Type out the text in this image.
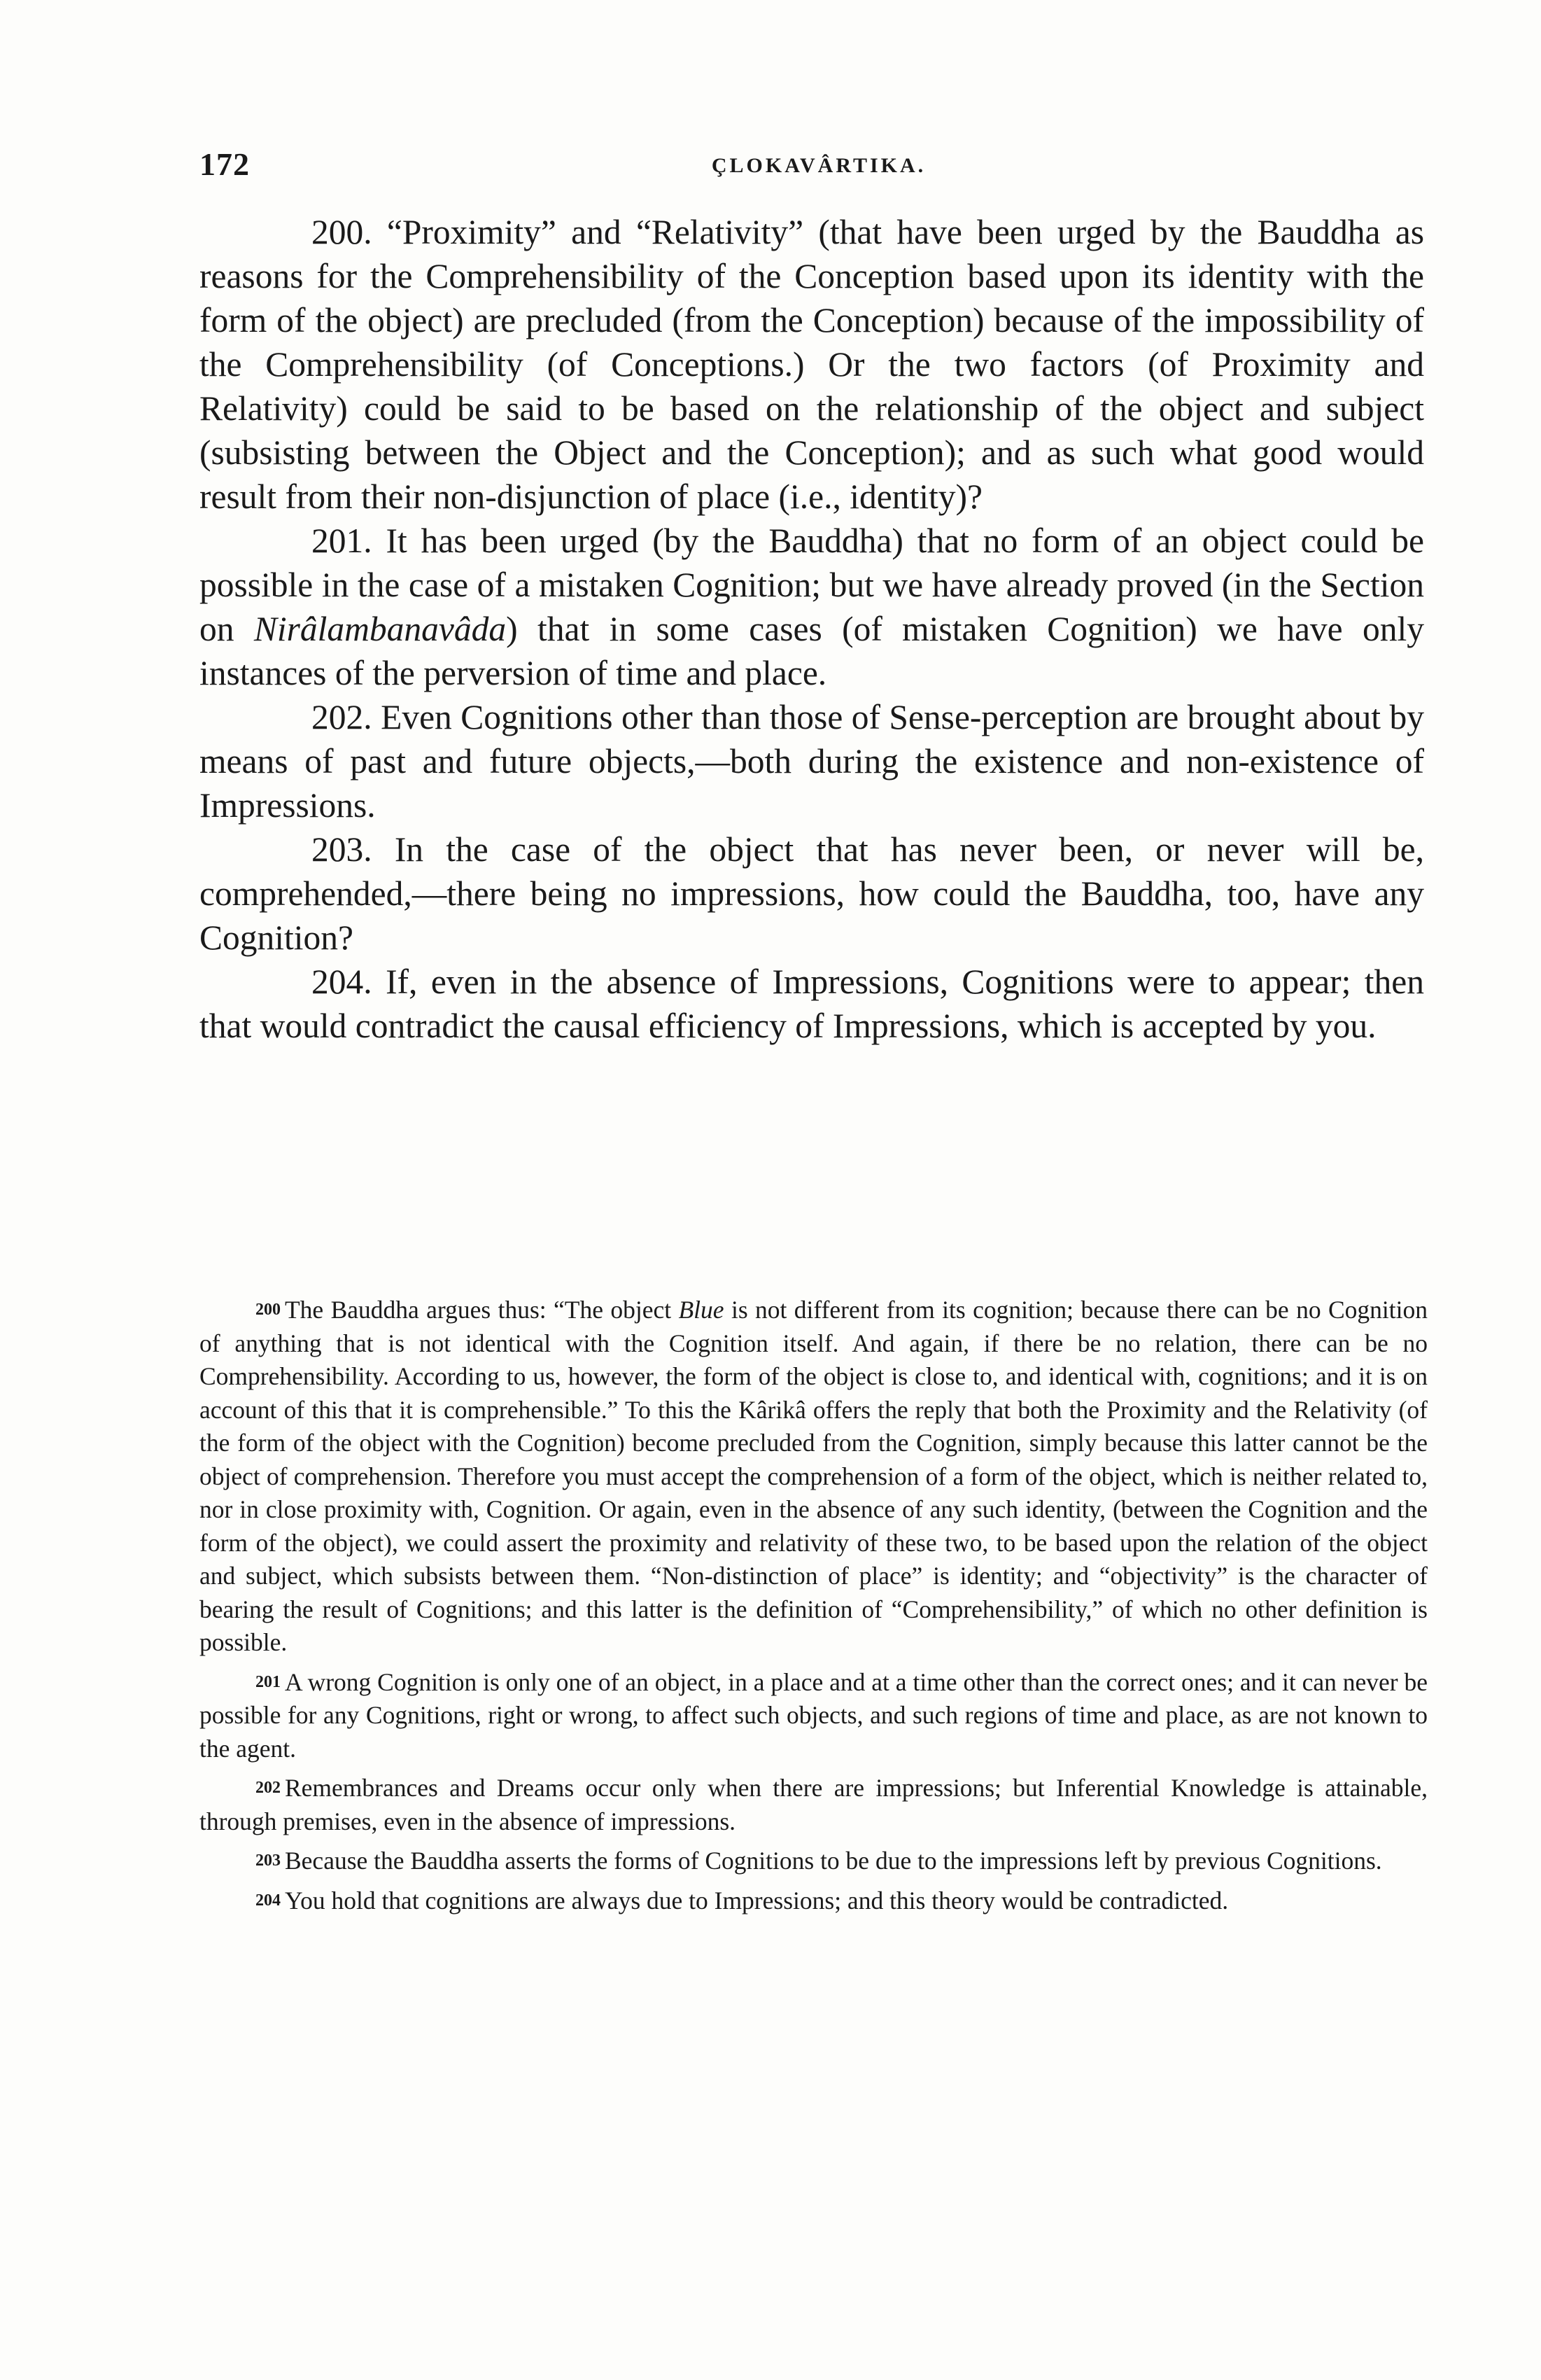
172	ÇLOKAVÂRTIKA.

200. “Proximity” and “Relativity” (that have been urged by the Bauddha as reasons for the Comprehensibility of the Conception based upon its identity with the form of the object) are precluded (from the Conception) because of the impossibility of the Comprehensibility (of Conceptions.) Or the two factors (of Proximity and Relativity) could be said to be based on the relationship of the object and subject (subsisting between the Object and the Conception); and as such what good would result from their non-disjunction of place (i.e., identity)?

201. It has been urged (by the Bauddha) that no form of an object could be possible in the case of a mistaken Cognition; but we have already proved (in the Section on Nirâlambanavâda) that in some cases (of mistaken Cognition) we have only instances of the perversion of time and place.

202. Even Cognitions other than those of Sense-perception are brought about by means of past and future objects,—both during the existence and non-existence of Impressions.

203. In the case of the object that has never been, or never will be, comprehended,—there being no impressions, how could the Bauddha, too, have any Cognition?

204. If, even in the absence of Impressions, Cognitions were to appear; then that would contradict the causal efficiency of Impressions, which is accepted by you.

200 The Bauddha argues thus: “The object Blue is not different from its cognition; because there can be no Cognition of anything that is not identical with the Cognition itself. And again, if there be no relation, there can be no Comprehensibility. According to us, however, the form of the object is close to, and identical with, cognitions; and it is on account of this that it is comprehensible.” To this the Kârikâ offers the reply that both the Proximity and the Relativity (of the form of the object with the Cognition) become precluded from the Cognition, simply because this latter cannot be the object of comprehension. Therefore you must accept the comprehension of a form of the object, which is neither related to, nor in close proximity with, Cognition. Or again, even in the absence of any such identity, (between the Cognition and the form of the object), we could assert the proximity and relativity of these two, to be based upon the relation of the object and subject, which subsists between them. “Non-distinction of place” is identity; and “objectivity” is the character of bearing the result of Cognitions; and this latter is the definition of “Comprehensibility,” of which no other definition is possible.

201 A wrong Cognition is only one of an object, in a place and at a time other than the correct ones; and it can never be possible for any Cognitions, right or wrong, to affect such objects, and such regions of time and place, as are not known to the agent.

202 Remembrances and Dreams occur only when there are impressions; but Inferential Knowledge is attainable, through premises, even in the absence of impressions.

203 Because the Bauddha asserts the forms of Cognitions to be due to the impressions left by previous Cognitions.

204 You hold that cognitions are always due to Impressions; and this theory would be contradicted.
